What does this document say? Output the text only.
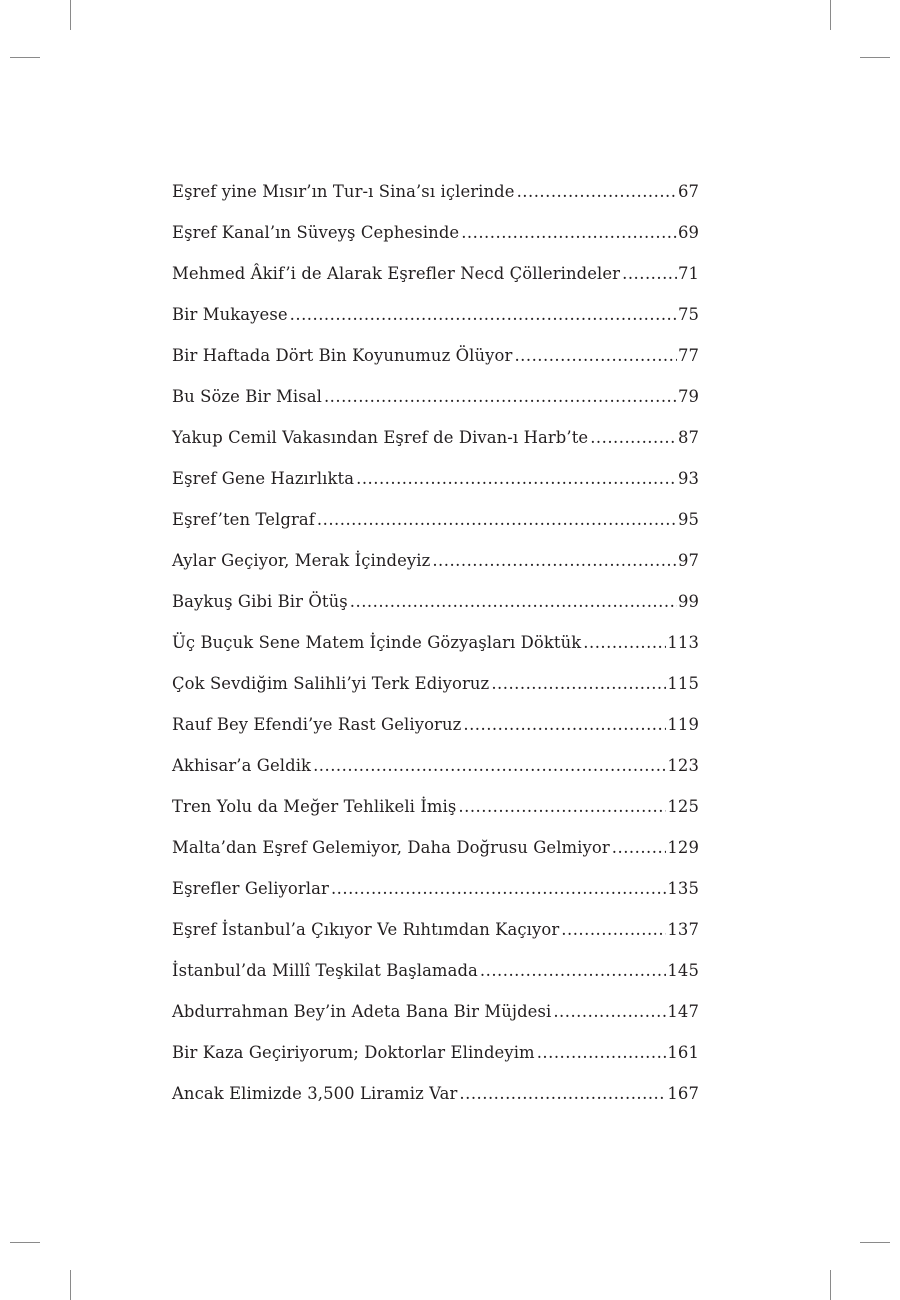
Eşref yine Mısır’ın Tur-ı Sina’sı içlerinde .....	67
Eşref Kanal’ın Süveyş Cephesinde .....	69
Mehmed Âkif’i de Alarak Eşrefler Necd Çöllerindeler .....	71
Bir Mukayese .....	75
Bir Haftada Dört Bin Koyunumuz Ölüyor .....	77
Bu Söze Bir Misal .....	79
Yakup Cemil Vakasından Eşref de Divan-ı Harb’te .....	87
Eşref Gene Hazırlıkta .....	93
Eşref’ten Telgraf .....	95
Aylar Geçiyor, Merak İçindeyiz .....	97
Baykuş Gibi Bir Ötüş .....	99
Üç Buçuk Sene Matem İçinde Gözyaşları Döktük .....	113
Çok Sevdiğim Salihli’yi Terk Ediyoruz .....	115
Rauf Bey Efendi’ye Rast Geliyoruz .....	119
Akhisar’a Geldik .....	123
Tren Yolu da Meğer Tehlikeli İmiş .....	125
Malta’dan Eşref Gelemiyor, Daha Doğrusu Gelmiyor .....	129
Eşrefler Geliyorlar .....	135
Eşref İstanbul’a Çıkıyor Ve Rıhtımdan Kaçıyor .....	137
İstanbul’da Millî Teşkilat Başlamada .....	145
Abdurrahman Bey’in Adeta Bana Bir Müjdesi .....	147
Bir Kaza Geçiriyorum; Doktorlar Elindeyim .....	161
Ancak Elimizde 3,500 Liramiz Var .....	167
